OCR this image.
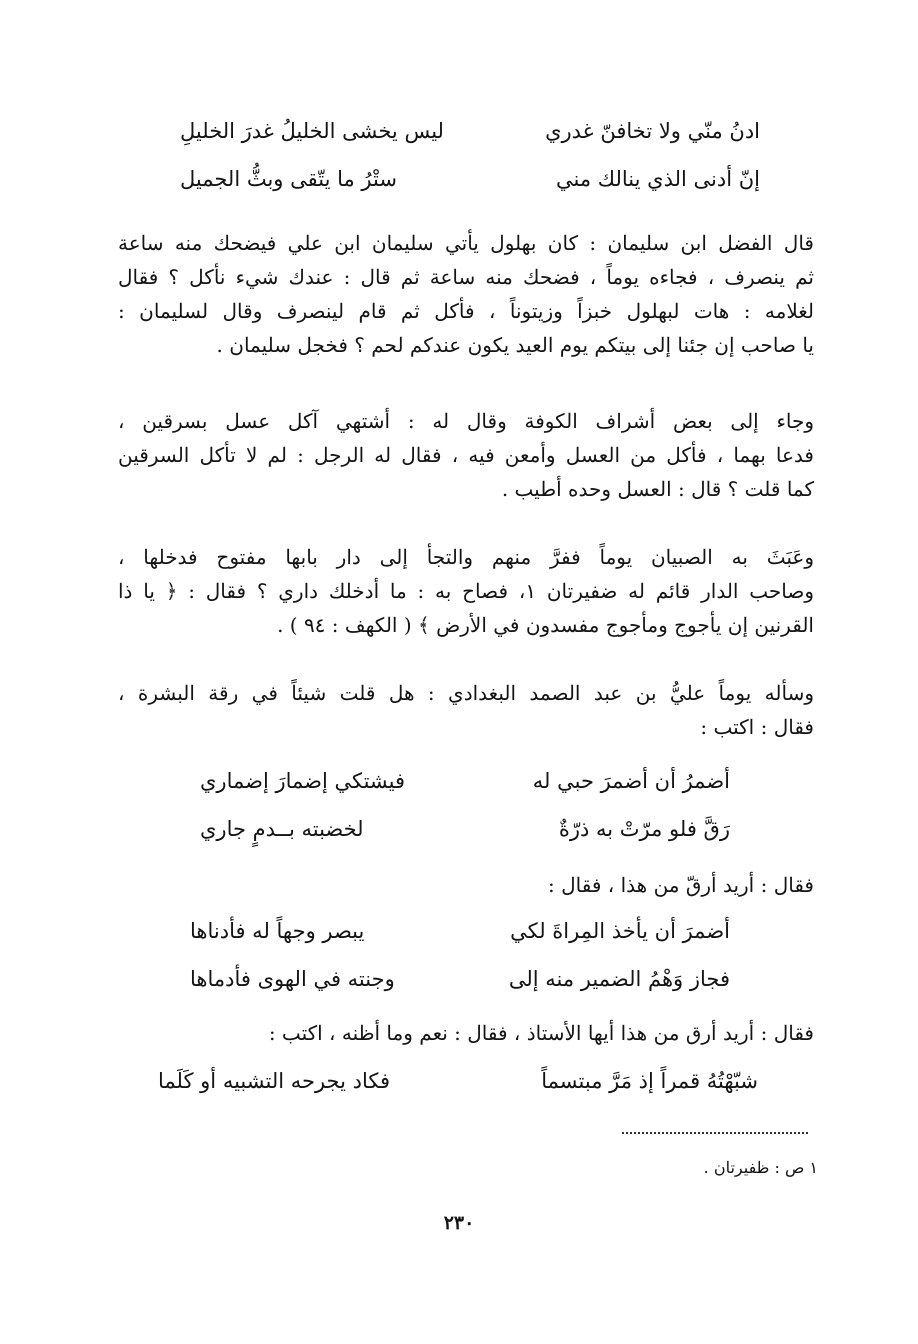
ادنُ منّي ولا تخافنّ غدري
ليس يخشى الخليلُ غدرَ الخليلِ
إنّ أدنى الذي ينالك مني
ستْرُ ما يتّقى وبثُّ الجميل
قال الفضل ابن سليمان : كان بهلول يأتي سليمان ابن علي فيضحك منه ساعة
ثم ينصرف ، فجاءه يوماً ، فضحك منه ساعة ثم قال : عندك شيء نأكل ؟ فقال
لغلامه : هات لبهلول خبزاً وزيتوناً ، فأكل ثم قام لينصرف وقال لسليمان :
يا صاحب إن جئنا إلى بيتكم يوم العيد يكون عندكم لحم ؟ فخجل سليمان .
وجاء إلى بعض أشراف الكوفة وقال له : أشتهي آكل عسل بسرقين ،
فدعا بهما ، فأكل من العسل وأمعن فيه ، فقال له الرجل : لم لا تأكل السرقين
كما قلت ؟ قال : العسل وحده أطيب .
وعَبَثَ به الصبيان يوماً ففرَّ منهم والتجأ إلى دار بابها مفتوح فدخلها ،
وصاحب الدار قائم له ضفيرتان ١، فصاح به : ما أدخلك داري ؟ فقال : ﴿ يا ذا
القرنين إن يأجوج ومأجوج مفسدون في الأرض ﴾ ( الكهف : ٩٤ ) .
وسأله يوماً عليُّ بن عبد الصمد البغدادي : هل قلت شيئاً في رقة البشرة ،
فقال : اكتب :
أضمرُ أن أضمرَ حبي له
فيشتكي إضمارَ إضماري
رَقَّ فلو مرّتْ به ذرّةٌ
لخضبته بــدمٍ جاري
فقال : أريد أرقّ من هذا ، فقال :
أضمرَ أن يأخذ المِراةَ لكي
يبصر وجهاً له فأدناها
فجاز وَهْمُ الضمير منه إلى
وجنته في الهوى فأدماها
فقال : أريد أرق من هذا أيها الأستاذ ، فقال : نعم وما أظنه ، اكتب :
شبّهْتُهُ قمراً إذ مَرَّ مبتسماً
فكاد يجرحه التشبيه أو كَلَما
١ ص : ظفيرتان .
٢٣٠
